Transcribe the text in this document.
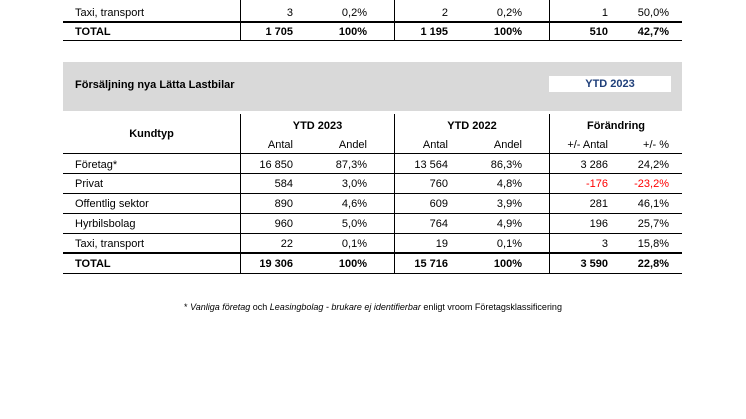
Taxi, transport	3	0,2%	2	0,2%	1	50,0%
TOTAL	1 705	100%	1 195	100%	510	42,7%
Försäljning nya Lätta Lastbilar	YTD 2023
Kundtyp
YTD 2023	YTD 2022	Förändring
Antal	Andel	Antal	Andel	+/- Antal	+/- %
Företag*	16 850	87,3%	13 564	86,3%	3 286	24,2%
Privat	584	3,0%	760	4,8%	-176	-23,2%
Offentlig sektor	890	4,6%	609	3,9%	281	46,1%
Hyrbilsbolag	960	5,0%	764	4,9%	196	25,7%
Taxi, transport	22	0,1%	19	0,1%	3	15,8%
TOTAL	19 306	100%	15 716	100%	3 590	22,8%
* Vanliga företag och Leasingbolag - brukare ej identifierbar enligt vroom Företagsklassificering
